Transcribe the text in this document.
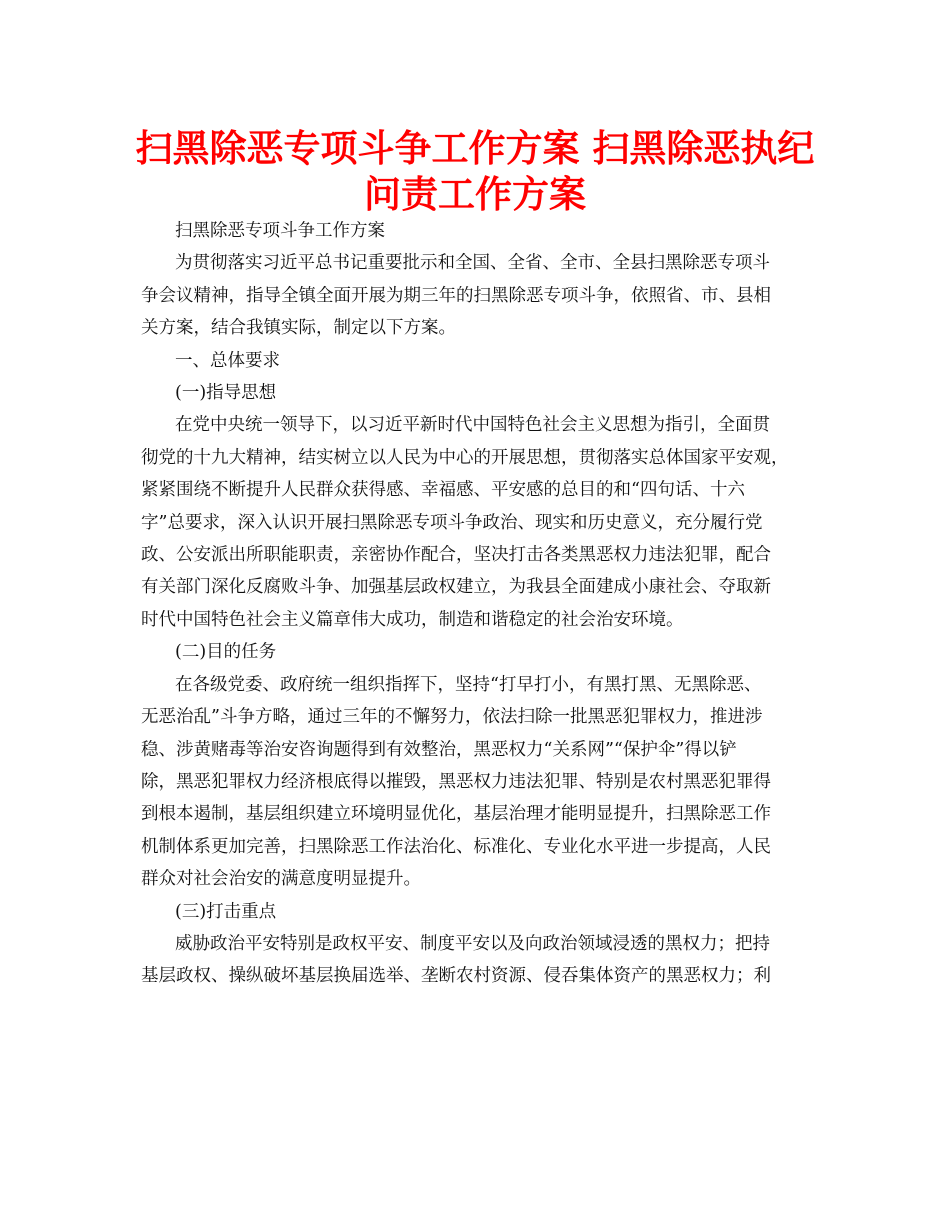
扫黑除恶专项斗争工作方案 扫黑除恶执纪
问责工作方案

扫黑除恶专项斗争工作方案

为贯彻落实习近平总书记重要批示和全国、全省、全市、全县扫黑除恶专项斗
争会议精神，指导全镇全面开展为期三年的扫黑除恶专项斗争，依照省、市、县相
关方案，结合我镇实际，制定以下方案。

一、总体要求

(一)指导思想

在党中央统一领导下，以习近平新时代中国特色社会主义思想为指引，全面贯
彻党的十九大精神，结实树立以人民为中心的开展思想，贯彻落实总体国家平安观，
紧紧围绕不断提升人民群众获得感、幸福感、平安感的总目的和“四句话、十六
字”总要求，深入认识开展扫黑除恶专项斗争政治、现实和历史意义，充分履行党
政、公安派出所职能职责，亲密协作配合，坚决打击各类黑恶权力违法犯罪，配合
有关部门深化反腐败斗争、加强基层政权建立，为我县全面建成小康社会、夺取新
时代中国特色社会主义篇章伟大成功，制造和谐稳定的社会治安环境。

(二)目的任务

在各级党委、政府统一组织指挥下，坚持“打早打小，有黑打黑、无黑除恶、
无恶治乱”斗争方略，通过三年的不懈努力，依法扫除一批黑恶犯罪权力，推进涉
稳、涉黄赌毒等治安咨询题得到有效整治，黑恶权力“关系网”“保护伞”得以铲
除，黑恶犯罪权力经济根底得以摧毁，黑恶权力违法犯罪、特别是农村黑恶犯罪得
到根本遏制，基层组织建立环境明显优化，基层治理才能明显提升，扫黑除恶工作
机制体系更加完善，扫黑除恶工作法治化、标准化、专业化水平进一步提高，人民
群众对社会治安的满意度明显提升。

(三)打击重点

威胁政治平安特别是政权平安、制度平安以及向政治领域浸透的黑权力；把持
基层政权、操纵破坏基层换届选举、垄断农村资源、侵吞集体资产的黑恶权力；利
